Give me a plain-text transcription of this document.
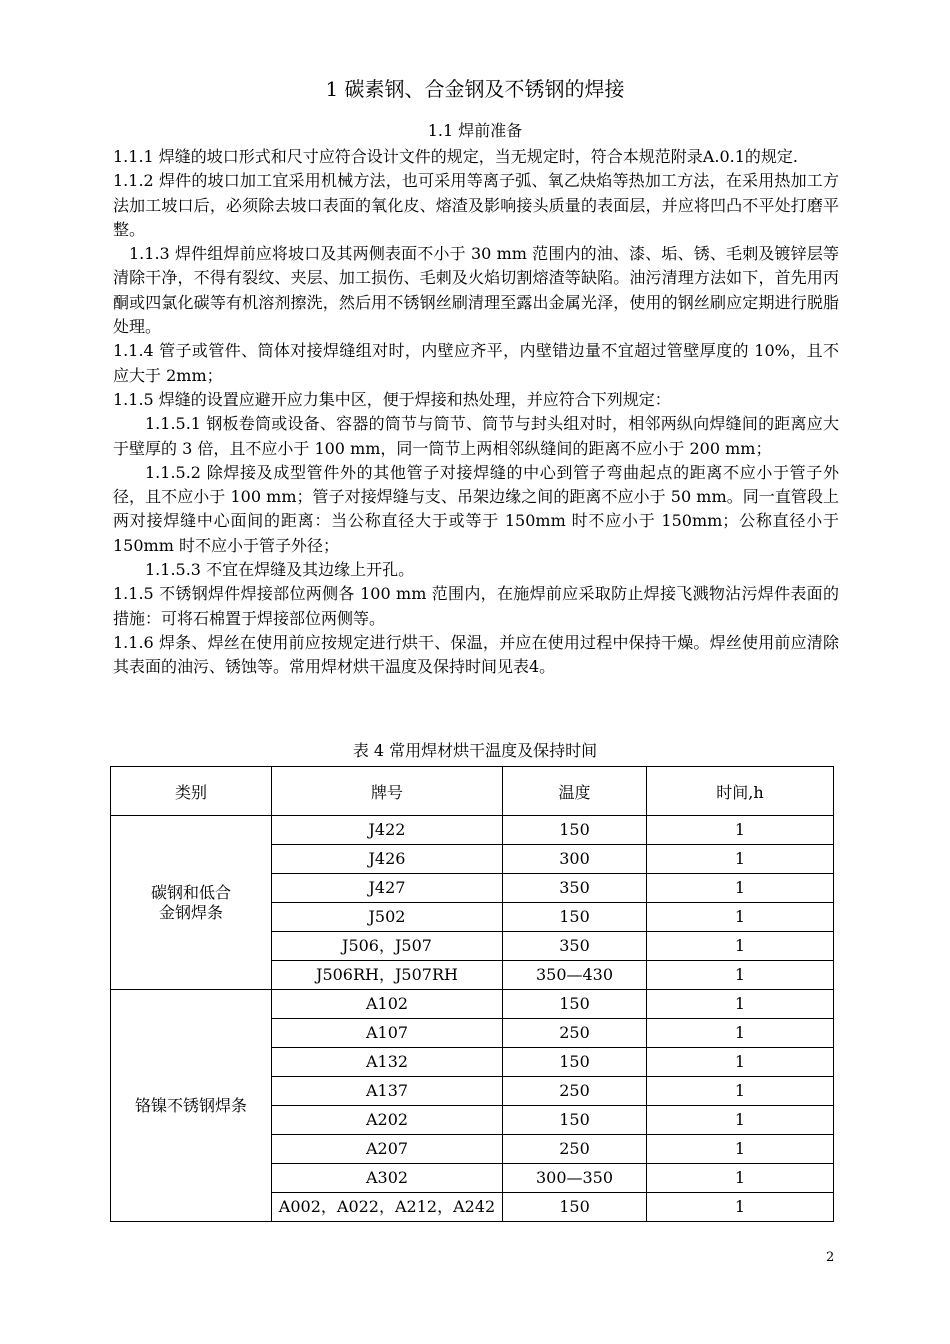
1 碳素钢、合金钢及不锈钢的焊接
1.1 焊前准备

1.1.1 焊缝的坡口形式和尺寸应符合设计文件的规定，当无规定时，符合本规范附录A.0.1的规定.

1.1.2 焊件的坡口加工宜采用机械方法，也可采用等离子弧、氧乙炔焰等热加工方法，在采用热加工方法加工坡口后，必须除去坡口表面的氧化皮、熔渣及影响接头质量的表面层，并应将凹凸不平处打磨平整。

1.1.3 焊件组焊前应将坡口及其两侧表面不小于 30 mm 范围内的油、漆、垢、锈、毛刺及镀锌层等清除干净，不得有裂纹、夹层、加工损伤、毛刺及火焰切割熔渣等缺陷。油污清理方法如下，首先用丙酮或四氯化碳等有机溶剂擦洗，然后用不锈钢丝刷清理至露出金属光泽，使用的钢丝刷应定期进行脱脂处理。

1.1.4 管子或管件、筒体对接焊缝组对时，内壁应齐平，内壁错边量不宜超过管壁厚度的 10%，且不应大于 2mm；

1.1.5 焊缝的设置应避开应力集中区，便于焊接和热处理，并应符合下列规定：

1.1.5.1 钢板卷筒或设备、容器的筒节与筒节、筒节与封头组对时，相邻两纵向焊缝间的距离应大于壁厚的 3 倍，且不应小于 100 mm，同一筒节上两相邻纵缝间的距离不应小于 200 mm；

1.1.5.2 除焊接及成型管件外的其他管子对接焊缝的中心到管子弯曲起点的距离不应小于管子外径，且不应小于 100 mm；管子对接焊缝与支、吊架边缘之间的距离不应小于 50 mm。同一直管段上两对接焊缝中心面间的距离：当公称直径大于或等于 150mm 时不应小于 150mm；公称直径小于 150mm 时不应小于管子外径；

1.1.5.3 不宜在焊缝及其边缘上开孔。

1.1.5 不锈钢焊件焊接部位两侧各 100 mm 范围内，在施焊前应采取防止焊接飞溅物沾污焊件表面的措施：可将石棉置于焊接部位两侧等。

1.1.6 焊条、焊丝在使用前应按规定进行烘干、保温，并应在使用过程中保持干燥。焊丝使用前应清除其表面的油污、锈蚀等。常用焊材烘干温度及保持时间见表4。

表 4 常用焊材烘干温度及保持时间
类别	牌号	温度	时间,h
碳钢和低合金钢焊条	J422	150	1
	J426	300	1
	J427	350	1
	J502	150	1
	J506，J507	350	1
	J506RH，J507RH	350—430	1
铬镍不锈钢焊条	A102	150	1
	A107	250	1
	A132	150	1
	A137	250	1
	A202	150	1
	A207	250	1
	A302	300—350	1
	A002，A022，A212，A242	150	1
2
